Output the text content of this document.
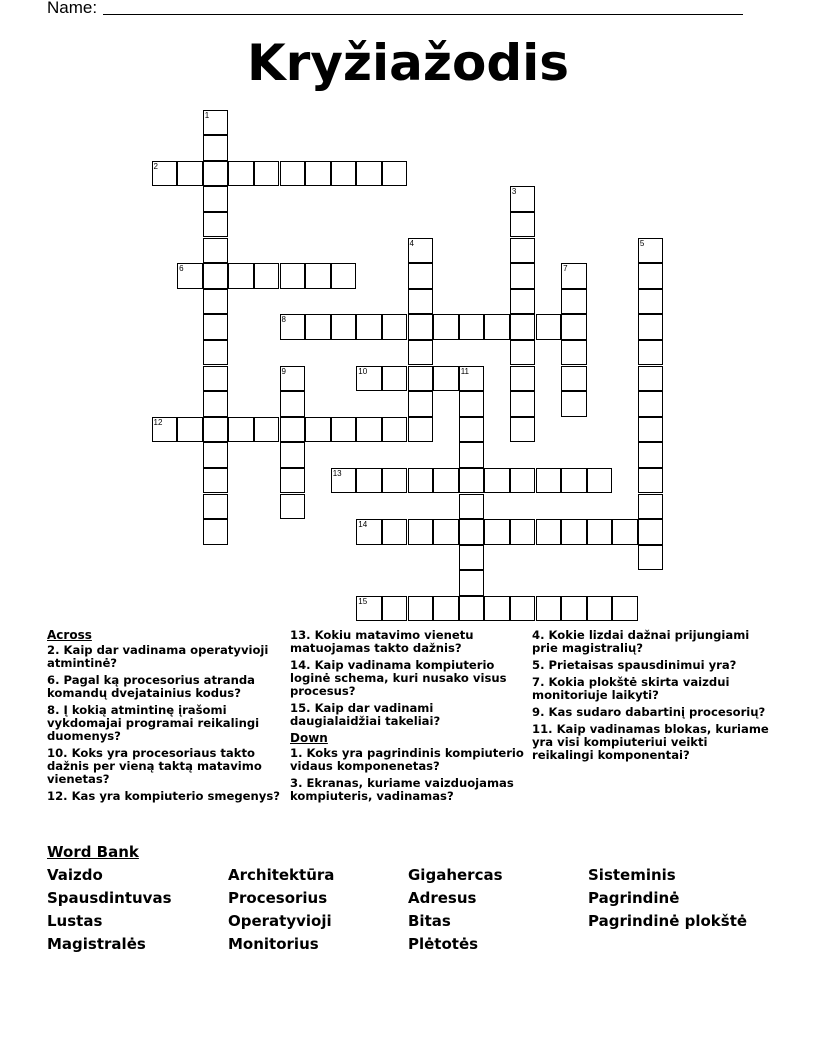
Name:
Kryžiažodis
1
2
3
4	5
6	7
8
9	10	11
12
13
14
15
Across
2. Kaip dar vadinama operatyvioji atmintinė?
6. Pagal ką procesorius atranda komandų dvejatainius kodus?
8. Į kokią atmintinę įrašomi vykdomajai programai reikalingi duomenys?
10. Koks yra procesoriaus takto dažnis per vieną taktą matavimo vienetas?
12. Kas yra kompiuterio smegenys?
13. Kokiu matavimo vienetu matuojamas takto dažnis?
14. Kaip vadinama kompiuterio loginė schema, kuri nusako visus procesus?
15. Kaip dar vadinami daugialaidžiai takeliai?
Down
1. Koks yra pagrindinis kompiuterio vidaus komponenetas?
3. Ekranas, kuriame vaizduojamas kompiuteris, vadinamas?
4. Kokie lizdai dažnai prijungiami prie magistralių?
5. Prietaisas spausdinimui yra?
7. Kokia plokštė skirta vaizdui monitoriuje laikyti?
9. Kas sudaro dabartinį procesorių?
11. Kaip vadinamas blokas, kuriame yra visi kompiuteriui veikti reikalingi komponentai?
Word Bank
Vaizdo	Architektūra	Gigahercas	Sisteminis
Spausdintuvas	Procesorius	Adresus	Pagrindinė
Lustas	Operatyvioji	Bitas	Pagrindinė plokštė
Magistralės	Monitorius	Plėtotės
